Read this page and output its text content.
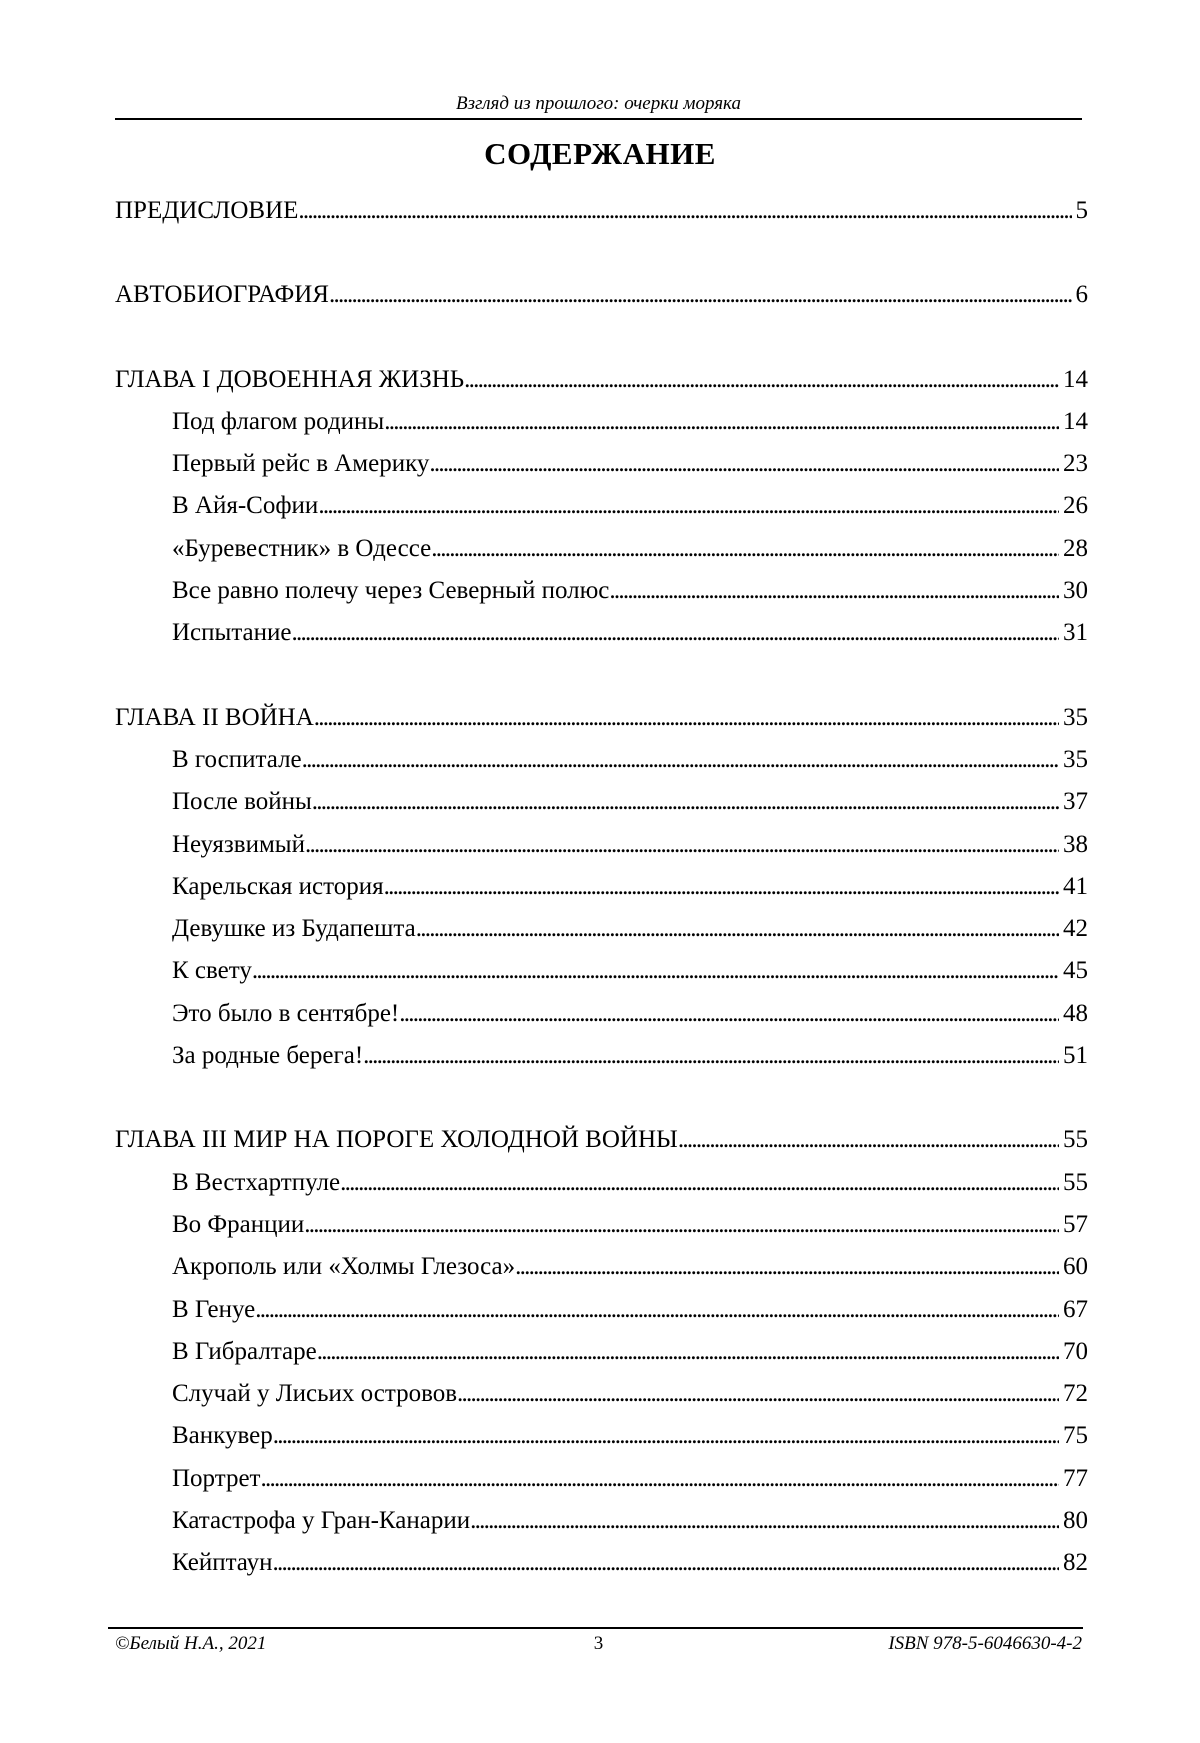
Взгляд из прошлого: очерки моряка
СОДЕРЖАНИЕ
ПРЕДИСЛОВИЕ . . .	5
АВТОБИОГРАФИЯ . . .	6
ГЛАВА I ДОВОЕННАЯ ЖИЗНЬ . . .	14
Под флагом родины . . .	14
Первый рейс в Америку . . .	23
В Айя-Софии . . .	26
«Буревестник» в Одессе . . .	28
Все равно полечу через Северный полюс . . .	30
Испытание . . .	31
ГЛАВА II ВОЙНА . . .	35
В госпитале . . .	35
После войны . . .	37
Неуязвимый . . .	38
Карельская история . . .	41
Девушке из Будапешта . . .	42
К свету . . .	45
Это было в сентябре! . . .	48
За родные берега! . . .	51
ГЛАВА III МИР НА ПОРОГЕ ХОЛОДНОЙ ВОЙНЫ . . .	55
В Вестхартпуле . . .	55
Во Франции . . .	57
Акрополь или «Холмы Глезоса» . . .	60
В Генуе . . .	67
В Гибралтаре . . .	70
Случай у Лисьих островов . . .	72
Ванкувер . . .	75
Портрет . . .	77
Катастрофа у Гран-Канарии . . .	80
Кейптаун . . .	82
©Белый Н.А., 2021	3	ISBN 978-5-6046630-4-2
